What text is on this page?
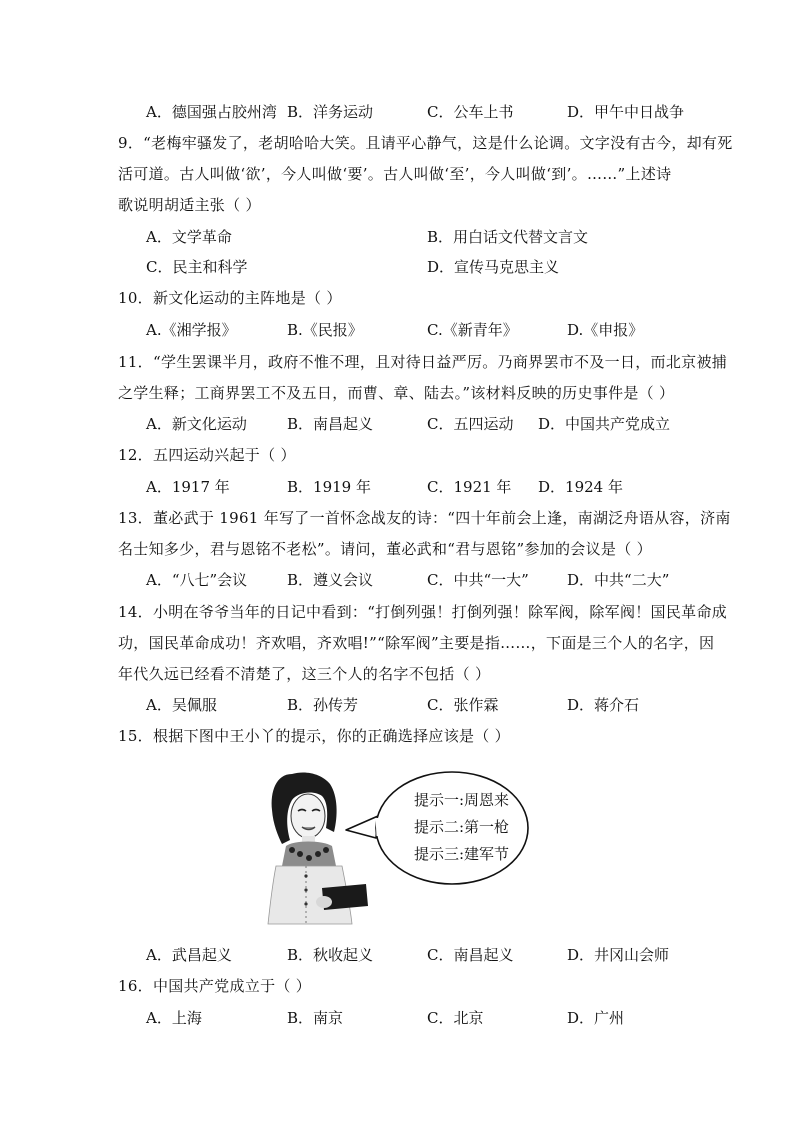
A．德国强占胶州湾 B．洋务运动	C．公车上书	D．甲午中日战争
9．“老梅牢骚发了，老胡哈哈大笑。且请平心静气，这是什么论调。文字没有古今，却有死
活可道。古人叫做‘欲’，今人叫做‘要’。古人叫做‘至’，今人叫做‘到’。……”上述诗
歌说明胡适主张（ ）
A．文学革命	B．用白话文代替文言文
C．民主和科学	D．宣传马克思主义
10．新文化运动的主阵地是（ ）
A.《湘学报》	B.《民报》	C.《新青年》	D.《申报》
11．“学生罢课半月，政府不惟不理，且对待日益严厉。乃商界罢市不及一日，而北京被捕
之学生释；工商界罢工不及五日，而曹、章、陆去。”该材料反映的历史事件是（ ）
A．新文化运动	B．南昌起义	C．五四运动 D．中国共产党成立
12．五四运动兴起于（ ）
A．1917 年	B．1919 年	C．1921 年 D．1924 年
13．董必武于 1961 年写了一首怀念战友的诗：“四十年前会上逢，南湖泛舟语从容，济南
名士知多少，君与恩铭不老松”。请问，董必武和“君与恩铭”参加的会议是（ ）
A．“八七”会议	B．遵义会议	C．中共“一大”	D．中共“二大”
14．小明在爷爷当年的日记中看到：“打倒列强！打倒列强！除军阀，除军阀！国民革命成
功，国民革命成功！齐欢唱，齐欢唱!”“除军阀”主要是指……，下面是三个人的名字，因
年代久远已经看不清楚了，这三个人的名字不包括（ ）
A．吴佩服	B．孙传芳	C．张作霖	D．蒋介石
15．根据下图中王小丫的提示，你的正确选择应该是（ ）
提示一:周恩来
提示二:第一枪
提示三:建军节
A．武昌起义	B．秋收起义	C．南昌起义	D．井冈山会师
16．中国共产党成立于（ ）
A．上海	B．南京	C．北京	D．广州
